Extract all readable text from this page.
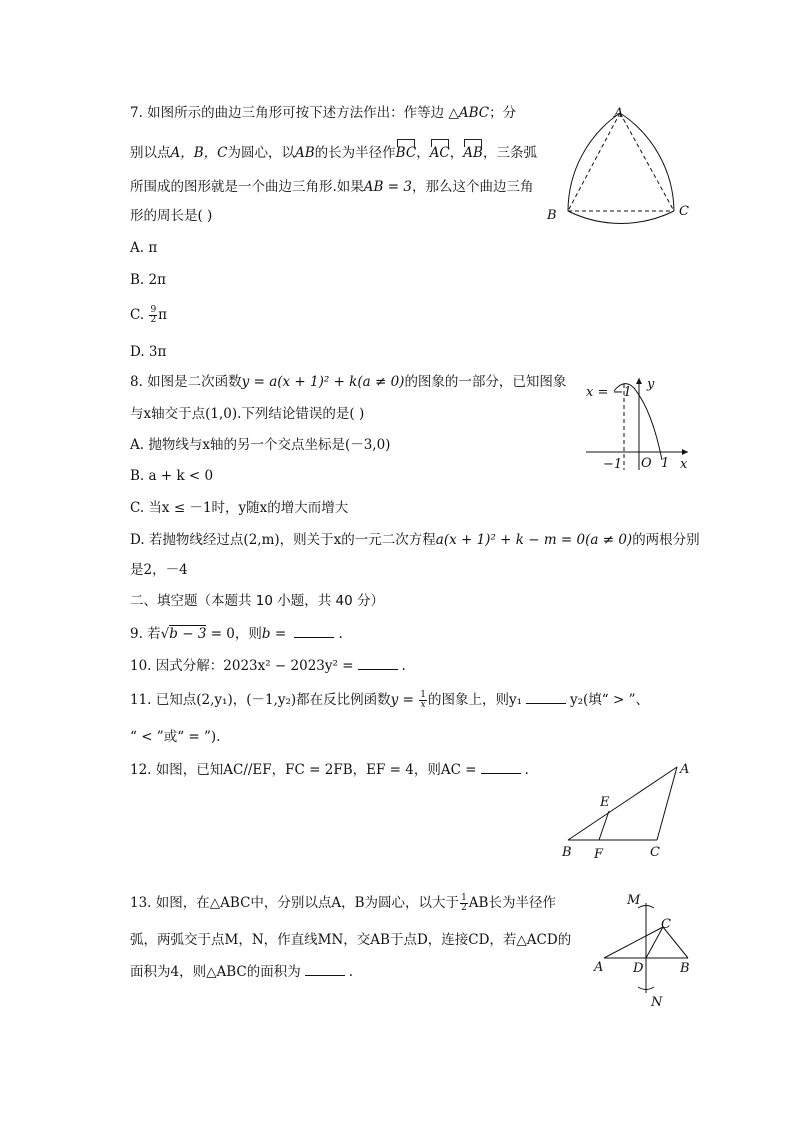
7. 如图所示的曲边三角形可按下述方法作出：作等边 △ABC；分
别以点A，B，C为圆心，以AB的长为半径作BC，AC，AB，三条弧
所围成的图形就是一个曲边三角形.如果AB = 3，那么这个曲边三角
形的周长是( )
A. π
B. 2π
C. $\frac{9}{2}$ π
D. 3π
A
B	C
8. 如图是二次函数y = a(x + 1)² + k(a ≠ 0)的图象的一部分，已知图象
与x轴交于点(1,0).下列结论错误的是( )
A. 抛物线与x轴的另一个交点坐标是(－3,0)
B. a + k < 0
C. 当x ≤ －1时，y随x的增大而增大
D. 若抛物线经过点(2,m)，则关于x的一元二次方程a(x + 1)² + k − m = 0(a ≠ 0)的两根分别
是2，－4
x = −1
y
x
−1 O 1
二、填空题（本题共 10 小题，共 40 分）
9. 若√b − 3 = 0，则b =	.
10. 因式分解：2023x² − 2023y² =	.
11. 已知点(2,y₁)，(－1,y₂)都在反比例函数$y = \frac{1}{x}$ 的图象上，则y₁	y₂(填“ > ”、
“ < ”或“ = ”).
12. 如图，已知AC//EF，FC = 2FB，EF = 4，则AC =	.	A
E
B F	C
13. 如图，在△ABC中，分别以点A，B为圆心，以大于 $\frac{1}{2}$ AB长为半径作
弧，两弧交于点M，N，作直线MN，交AB于点D，连接CD，若△ACD的
面积为4，则△ABC的面积为	.
M
N
A D	B
C
